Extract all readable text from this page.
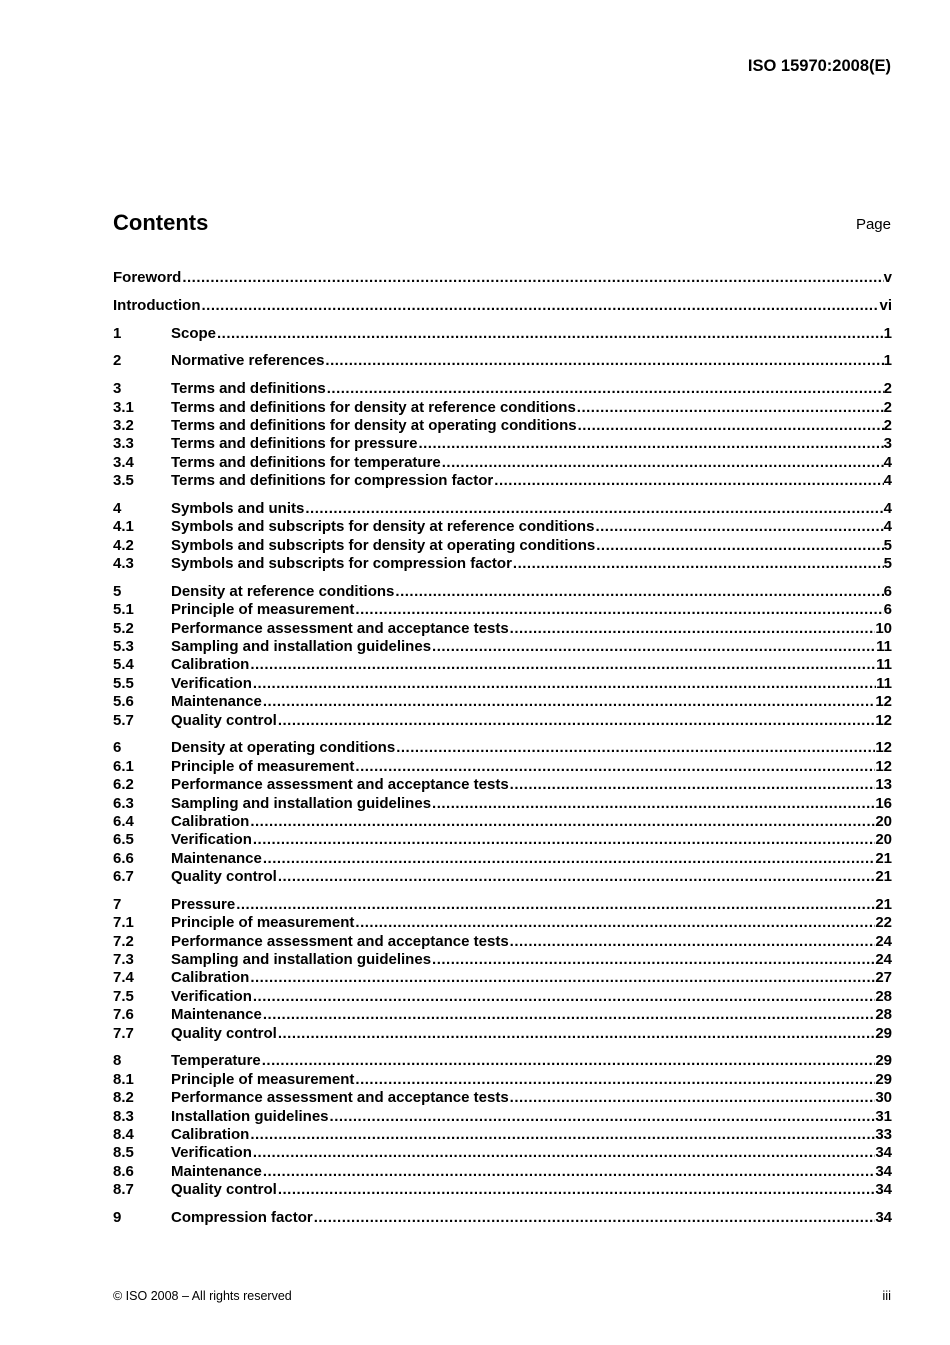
ISO 15970:2008(E)
Contents	Page
Foreword .....	v
Introduction .....	vi
1	Scope .....	1
2	Normative references .....	1
3	Terms and definitions .....	2
3.1	Terms and definitions for density at reference conditions .....	2
3.2	Terms and definitions for density at operating conditions .....	2
3.3	Terms and definitions for pressure .....	3
3.4	Terms and definitions for temperature .....	4
3.5	Terms and definitions for compression factor .....	4
4	Symbols and units .....	4
4.1	Symbols and subscripts for density at reference conditions .....	4
4.2	Symbols and subscripts for density at operating conditions .....	5
4.3	Symbols and subscripts for compression factor .....	5
5	Density at reference conditions .....	6
5.1	Principle of measurement .....	6
5.2	Performance assessment and acceptance tests .....	10
5.3	Sampling and installation guidelines .....	11
5.4	Calibration .....	11
5.5	Verification .....	11
5.6	Maintenance .....	12
5.7	Quality control .....	12
6	Density at operating conditions .....	12
6.1	Principle of measurement .....	12
6.2	Performance assessment and acceptance tests .....	13
6.3	Sampling and installation guidelines .....	16
6.4	Calibration .....	20
6.5	Verification .....	20
6.6	Maintenance .....	21
6.7	Quality control .....	21
7	Pressure .....	21
7.1	Principle of measurement .....	22
7.2	Performance assessment and acceptance tests .....	24
7.3	Sampling and installation guidelines .....	24
7.4	Calibration .....	27
7.5	Verification .....	28
7.6	Maintenance .....	28
7.7	Quality control .....	29
8	Temperature .....	29
8.1	Principle of measurement .....	29
8.2	Performance assessment and acceptance tests .....	30
8.3	Installation guidelines .....	31
8.4	Calibration .....	33
8.5	Verification .....	34
8.6	Maintenance .....	34
8.7	Quality control .....	34
9	Compression factor .....	34
© ISO 2008 – All rights reserved	iii
